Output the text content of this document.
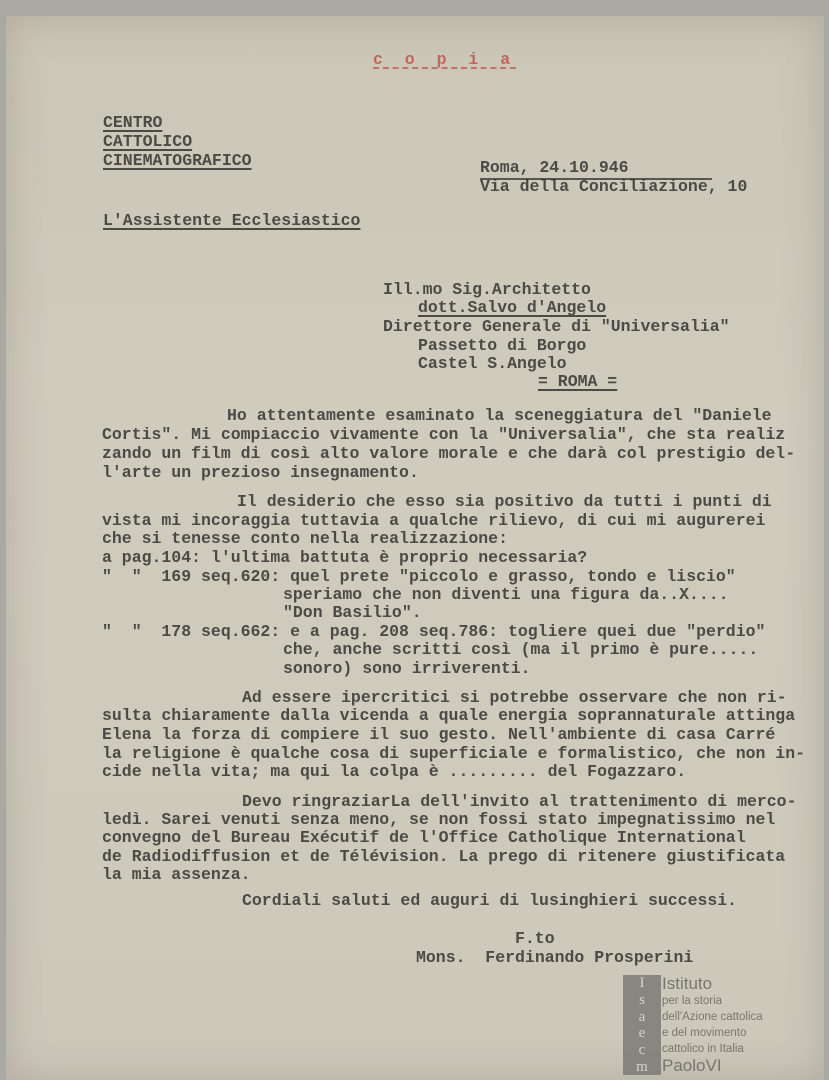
c o p i a
CENTRO
CATTOLICO
CINEMATOGRAFICO	Roma, 24.10.946
Via della Conciliazione, 10
L'Assistente Ecclesiastico
Ill.mo Sig.Architetto
dott.Salvo d'Angelo
Direttore Generale di "Universalia"
Passetto di Borgo
Castel S.Angelo
= ROMA =
Ho attentamente esaminato la sceneggiatura del "Daniele
Cortis". Mi compiaccio vivamente con la "Universalia", che sta realiz
zando un film di così alto valore morale e che darà col prestigio del-
l'arte un prezioso insegnamento.
Il desiderio che esso sia positivo da tutti i punti di
vista mi incoraggia tuttavia a qualche rilievo, di cui mi augurerei
che si tenesse conto nella realizzazione:
a pag.104: l'ultima battuta è proprio necessaria?
"  "  169 seq.620: quel prete "piccolo e grasso, tondo e liscio"
speriamo che non diventi una figura da..X....
"Don Basilio".
"  "  178 seq.662: e a pag. 208 seq.786: togliere quei due "perdio"
che, anche scritti così (ma il primo è pure.....
sonoro) sono irriverenti.
Ad essere ipercritici si potrebbe osservare che non ri-
sulta chiaramente dalla vicenda a quale energia soprannaturale attinga
Elena la forza di compiere il suo gesto. Nell'ambiente di casa Carré
la religione è qualche cosa di superficiale e formalistico, che non in-
cide nella vita; ma qui la colpa è ......... del Fogazzaro.
Devo ringraziarLa dell'invito al trattenimento di merco-
ledì. Sarei venuti senza meno, se non fossi stato impegnatissimo nel
convegno del Bureau Exécutif de l'Office Catholique International
de Radiodiffusion et de Télévision. La prego di ritenere giustificata
la mia assenza.
Cordiali saluti ed auguri di lusinghieri successi.
F.to
Mons.  Ferdinando Prosperini
I
s
a
e
c
m
Istituto
per la storia
dell'Azione cattolica
e del movimento
cattolico in Italia
PaoloVI
